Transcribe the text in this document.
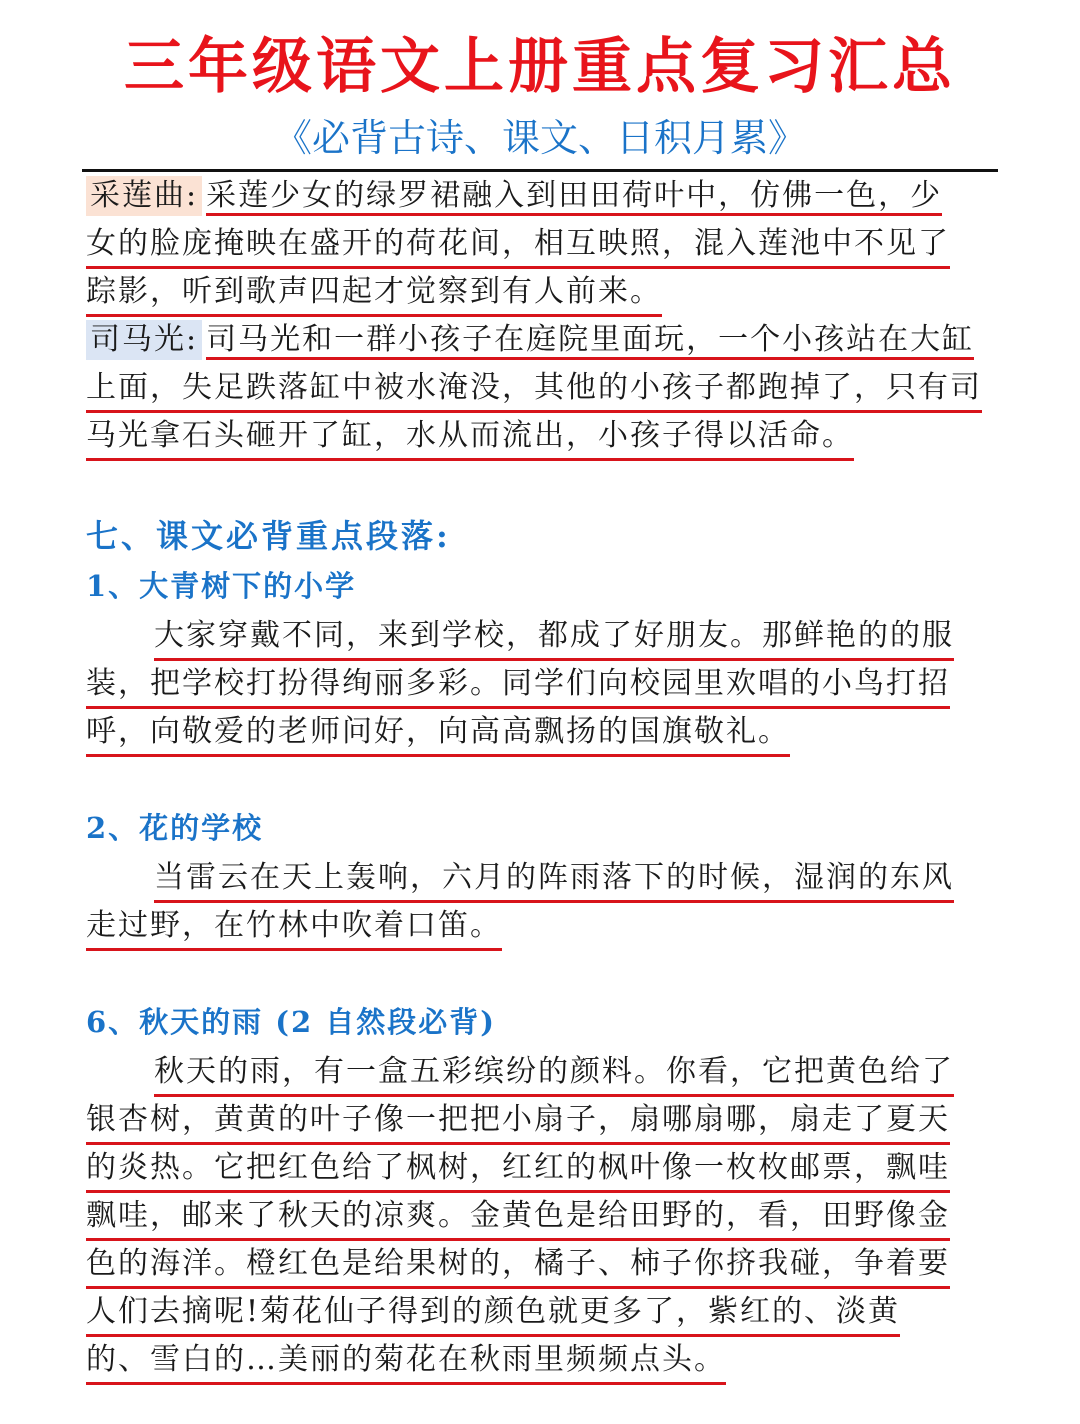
三年级语文上册重点复习汇总
《必背古诗、课文、日积月累》
采莲曲: 采莲少女的绿罗裙融入到田田荷叶中，仿佛一色，少
女的脸庞掩映在盛开的荷花间，相互映照，混入莲池中不见了
踪影，听到歌声四起才觉察到有人前来。
司马光: 司马光和一群小孩子在庭院里面玩，一个小孩站在大缸
上面，失足跌落缸中被水淹没，其他的小孩子都跑掉了，只有司
马光拿石头砸开了缸，水从而流出，小孩子得以活命。
七、课文必背重点段落:
1、大青树下的小学
大家穿戴不同，来到学校，都成了好朋友。那鲜艳的的服
装，把学校打扮得绚丽多彩。同学们向校园里欢唱的小鸟打招
呼，向敬爱的老师问好，向高高飘扬的国旗敬礼。
2、花的学校
当雷云在天上轰响，六月的阵雨落下的时候，湿润的东风
走过野，在竹林中吹着口笛。
6、秋天的雨 (2 自然段必背)
秋天的雨，有一盒五彩缤纷的颜料。你看，它把黄色给了
银杏树，黄黄的叶子像一把把小扇子，扇哪扇哪，扇走了夏天
的炎热。它把红色给了枫树，红红的枫叶像一枚枚邮票，飘哇
飘哇，邮来了秋天的凉爽。金黄色是给田野的，看，田野像金
色的海洋。橙红色是给果树的，橘子、柿子你挤我碰，争着要
人们去摘呢!菊花仙子得到的颜色就更多了，紫红的、淡黄
的、雪白的…美丽的菊花在秋雨里频频点头。
